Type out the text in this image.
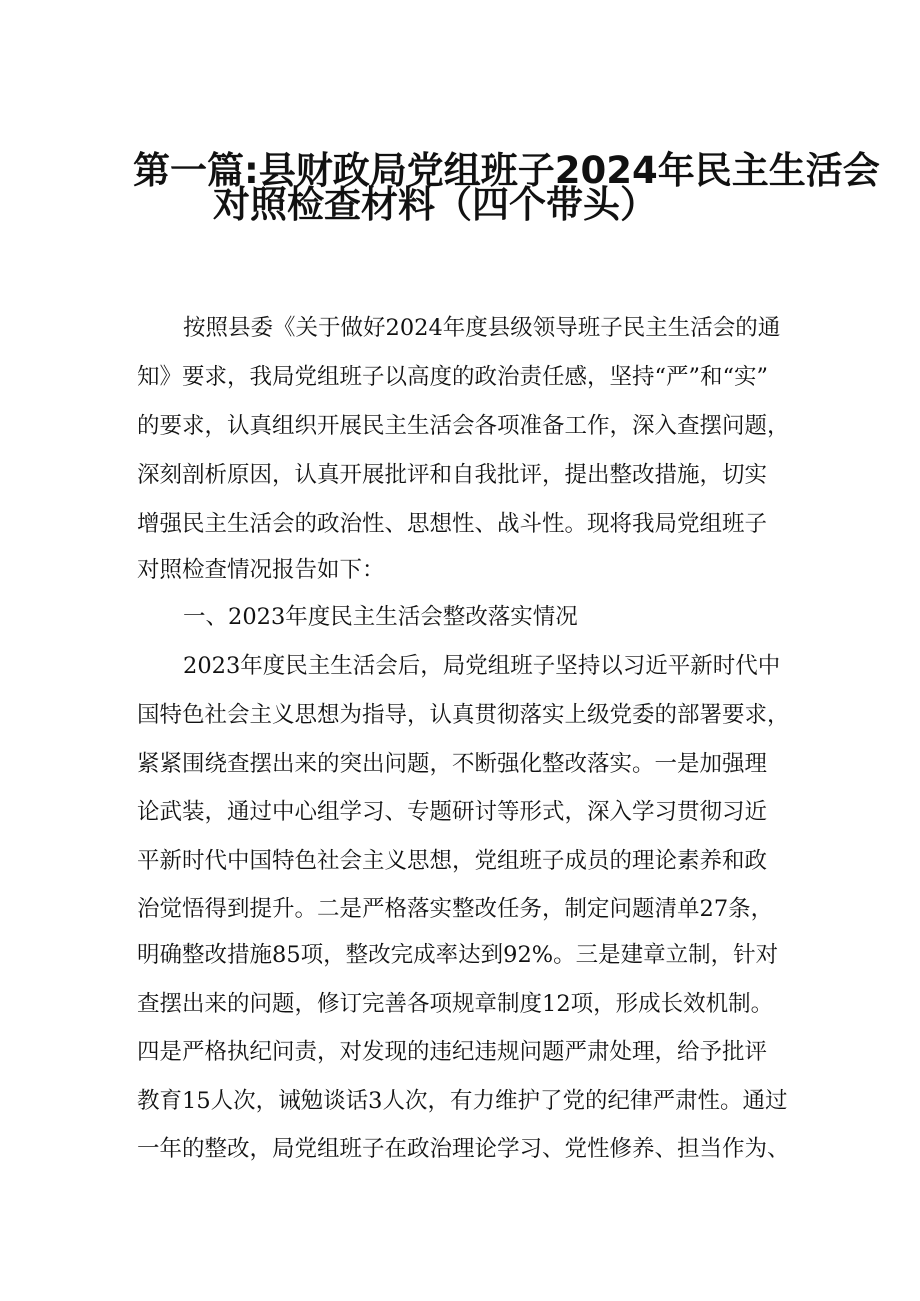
第一篇:县财政局党组班子2024年民主生活会
对照检查材料（四个带头）
按照县委《关于做好2024年度县级领导班子民主生活会的通
知》要求，我局党组班子以高度的政治责任感，坚持“严”和“实”
的要求，认真组织开展民主生活会各项准备工作，深入查摆问题，
深刻剖析原因，认真开展批评和自我批评，提出整改措施，切实
增强民主生活会的政治性、思想性、战斗性。现将我局党组班子
对照检查情况报告如下：
一、2023年度民主生活会整改落实情况
2023年度民主生活会后，局党组班子坚持以习近平新时代中
国特色社会主义思想为指导，认真贯彻落实上级党委的部署要求，
紧紧围绕查摆出来的突出问题，不断强化整改落实。一是加强理
论武装，通过中心组学习、专题研讨等形式，深入学习贯彻习近
平新时代中国特色社会主义思想，党组班子成员的理论素养和政
治觉悟得到提升。二是严格落实整改任务，制定问题清单27条，
明确整改措施85项，整改完成率达到92%。三是建章立制，针对
查摆出来的问题，修订完善各项规章制度12项，形成长效机制。
四是严格执纪问责，对发现的违纪违规问题严肃处理，给予批评
教育15人次，诫勉谈话3人次，有力维护了党的纪律严肃性。通过
一年的整改，局党组班子在政治理论学习、党性修养、担当作为、
